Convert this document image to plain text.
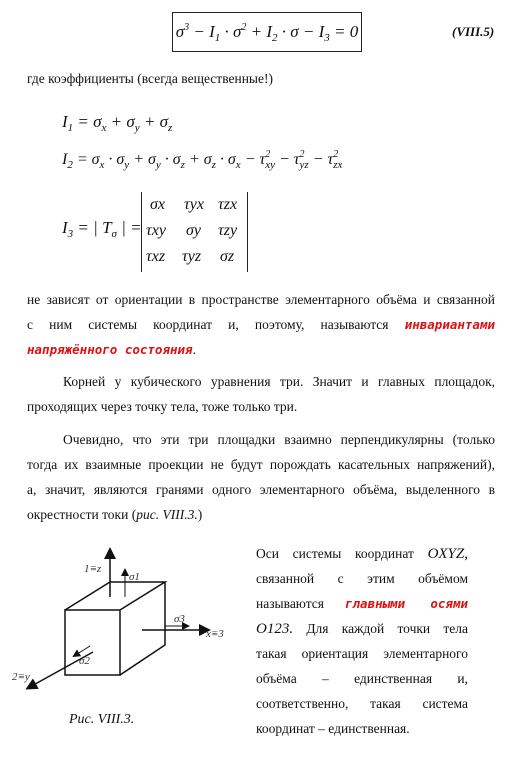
$\sigma^3 - I_1 \cdot \sigma^2 + I_2 \cdot \sigma - I_3 = 0$	(VIII.5)
где коэффициенты (всегда вещественные!)
$I_1 = \sigma_x + \sigma_y + \sigma_z$
$I_2 = \sigma_x \cdot \sigma_y + \sigma_y \cdot \sigma_z + \sigma_z \cdot \sigma_x - \tau^2_{xy} - \tau^2_{yz} - \tau^2_{zx}$
$I_3$ = | $T_\sigma$ | =
σx τyx τzx
τxy σy τzy
τxz τyz σz
не зависят от ориентации в пространстве элементарного объёма и связанной
с ним системы координат и, поэтому, называются инвариантами
напряжённого состояния.
Корней у кубического уравнения три. Значит и главных площадок,
проходящих через точку тела, тоже только три.
Очевидно, что эти три площадки взаимно перпендикулярны (только
тогда их взаимные проекции не будут порождать касательных напряжений),
а, значит, являются гранями одного элементарного объёма, выделенного в
окрестности токи (рис. VIII.3.)
1≡z
σ1
x≡3
σ3
2≡y
σ2
Рис. VIII.3.
Оси системы координат OXYZ,
связанной с этим объёмом
называются главными осями
O123. Для каждой точки тела
такая ориентация элементарного
объёма – единственная и,
соответственно, такая система
координат – единственная.
